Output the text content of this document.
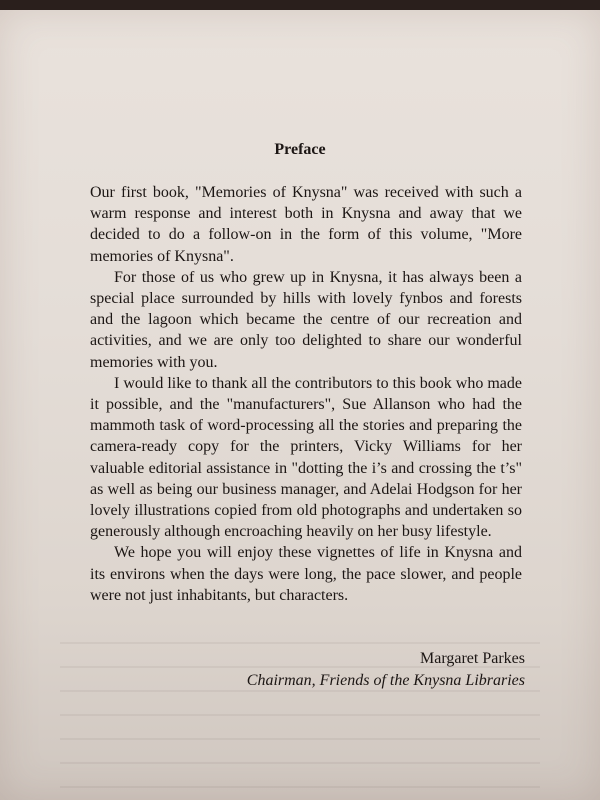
Preface

Our first book, "Memories of Knysna" was received with such a warm response and interest both in Knysna and away that we decided to do a follow-on in the form of this volume, "More memories of Knysna".

For those of us who grew up in Knysna, it has always been a special place surrounded by hills with lovely fynbos and forests and the lagoon which became the centre of our recreation and activities, and we are only too delighted to share our wonderful memories with you.

I would like to thank all the contributors to this book who made it possible, and the "manufacturers", Sue Allanson who had the mammoth task of word-processing all the stories and preparing the camera-ready copy for the printers, Vicky Williams for her valuable editorial assistance in "dotting the i’s and crossing the t’s" as well as being our business manager, and Adelai Hodgson for her lovely illustrations copied from old photographs and undertaken so generously although encroaching heavily on her busy lifestyle.

We hope you will enjoy these vignettes of life in Knysna and its environs when the days were long, the pace slower, and people were not just inhabitants, but characters.

Margaret Parkes
Chairman, Friends of the Knysna Libraries
